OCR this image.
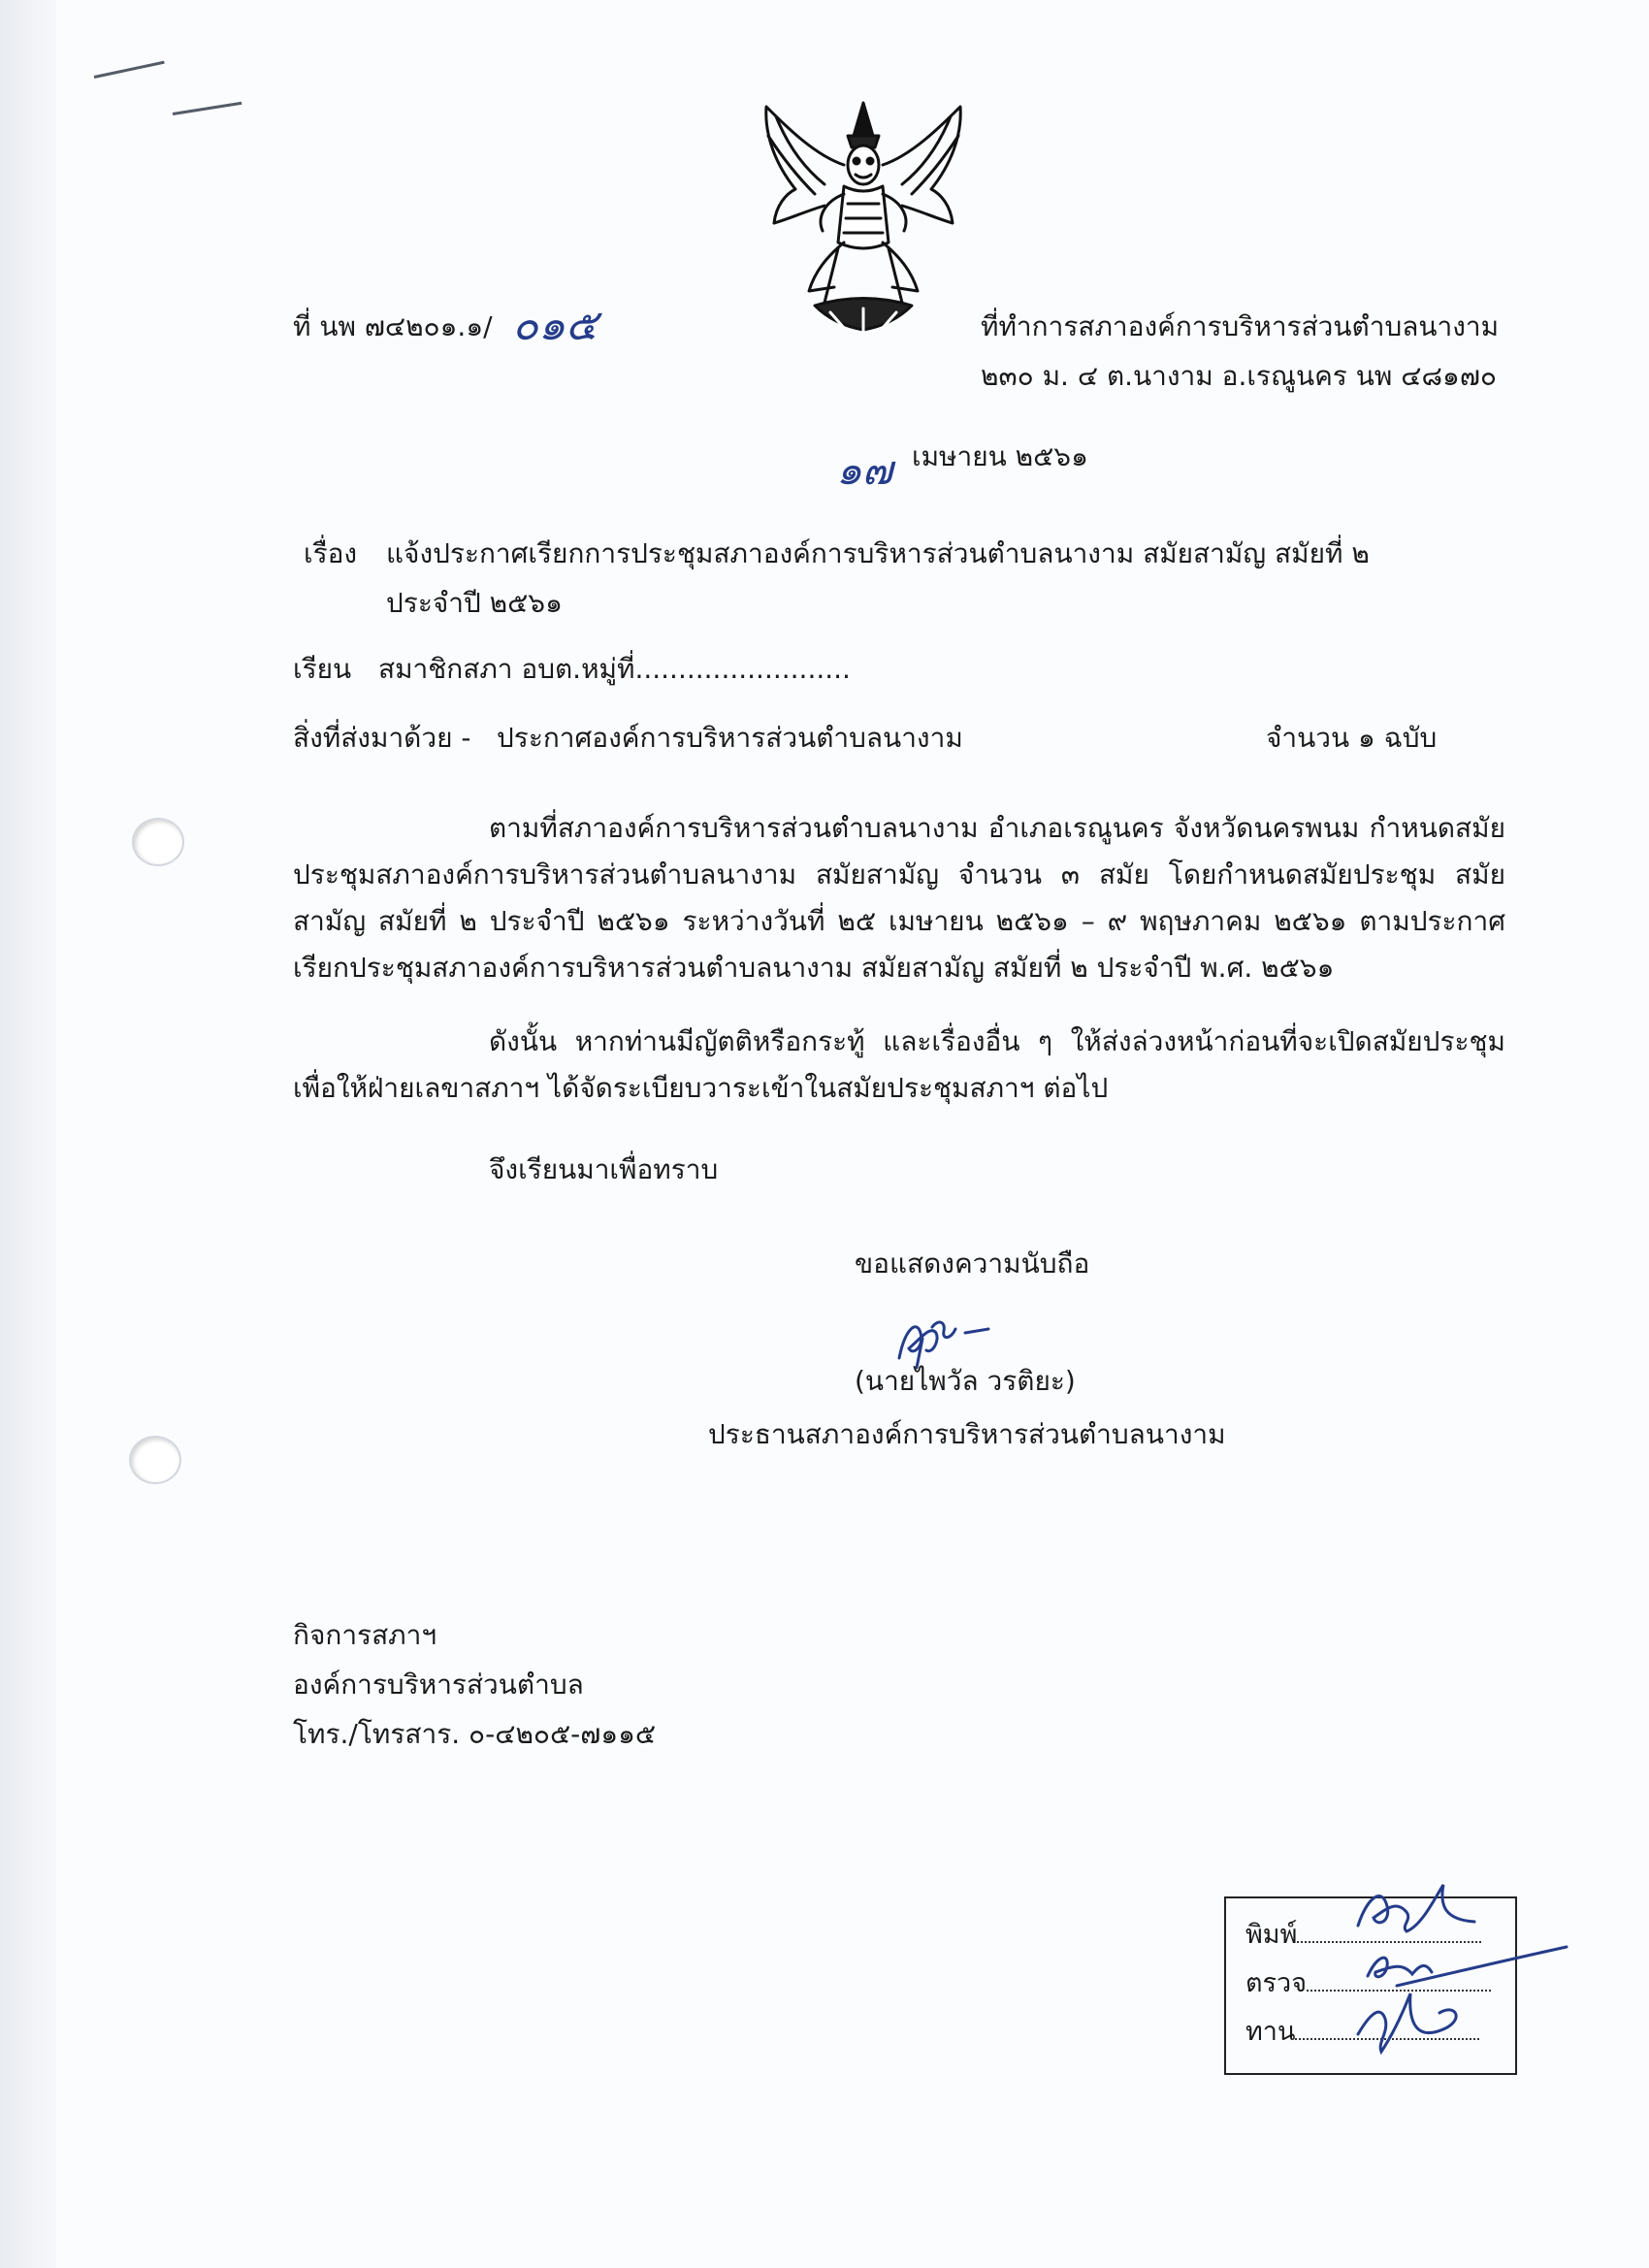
ที่ นพ ๗๔๒๐๑.๑/ ๐๑๕	ที่ทำการสภาองค์การบริหารส่วนตำบลนางาม
๒๓๐ ม. ๔ ต.นางาม อ.เรณูนคร นพ ๔๘๑๗๐
๑๗ เมษายน ๒๕๖๑
เรื่อง แจ้งประกาศเรียกการประชุมสภาองค์การบริหารส่วนตำบลนางาม สมัยสามัญ สมัยที่ ๒
ประจำปี ๒๕๖๑
เรียน สมาชิกสภา อบต.หมู่ที่.........................
สิ่งที่ส่งมาด้วย - ประกาศองค์การบริหารส่วนตำบลนางาม	จำนวน ๑ ฉบับ
ตามที่สภาองค์การบริหารส่วนตำบลนางาม อำเภอเรณูนคร จังหวัดนครพนม กำหนดสมัยประชุมสภาองค์การบริหารส่วนตำบลนางาม สมัยสามัญ จำนวน ๓ สมัย โดยกำหนดสมัยประชุม สมัยสามัญ สมัยที่ ๒ ประจำปี ๒๕๖๑ ระหว่างวันที่ ๒๕ เมษายน ๒๕๖๑ – ๙ พฤษภาคม ๒๕๖๑ ตามประกาศเรียกประชุมสภาองค์การบริหารส่วนตำบลนางาม สมัยสามัญ สมัยที่ ๒ ประจำปี พ.ศ. ๒๕๖๑
ดังนั้น หากท่านมีญัตติหรือกระทู้ และเรื่องอื่น ๆ ให้ส่งล่วงหน้าก่อนที่จะเปิดสมัยประชุมเพื่อให้ฝ่ายเลขาสภาฯ ได้จัดระเบียบวาระเข้าในสมัยประชุมสภาฯ ต่อไป
จึงเรียนมาเพื่อทราบ
ขอแสดงความนับถือ
(นายไพวัล วรติยะ)
ประธานสภาองค์การบริหารส่วนตำบลนางาม
กิจการสภาฯ
องค์การบริหารส่วนตำบล
โทร./โทรสาร. ๐-๔๒๐๕-๗๑๑๕
พิมพ์
ตรวจ
ทาน
